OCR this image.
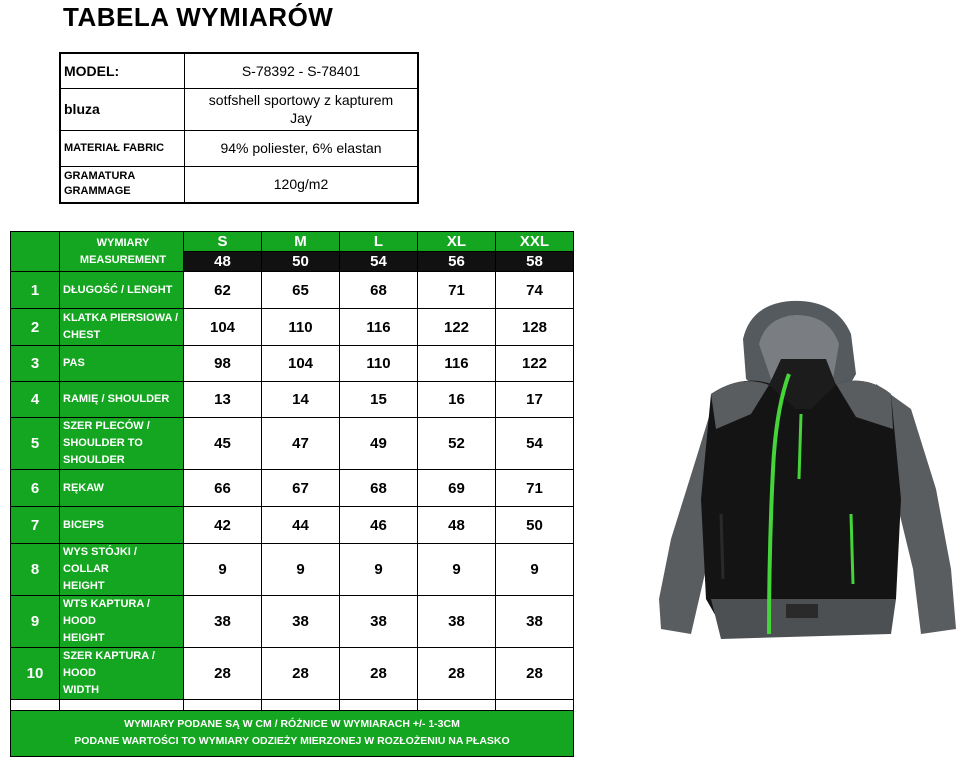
TABELA WYMIARÓW
MODEL:	S-78392 - S-78401
bluza	sotfshell sportowy z kapturem
Jay

MATERIAŁ FABRIC	94% poliester, 6% elastan

GRAMATURA
GRAMMAGE	120g/m2

	WYMIARY
MEASUREMENT	S	M	L	XL	XXL
		48	50	54	56	58
1	DŁUGOŚĆ / LENGHT	62	65	68	71	74
2	KLATKA PIERSIOWA /
CHEST	104	110	116	122	128
3	PAS	98	104	110	116	122
4	RAMIĘ / SHOULDER	13	14	15	16	17
5	SZER PLECÓW /
SHOULDER TO
SHOULDER	45	47	49	52	54
6	RĘKAW	66	67	68	69	71
7	BICEPS	42	44	46	48	50
8	WYS STÓJKI / COLLAR
HEIGHT	9	9	9	9	9
9	WTS KAPTURA / HOOD
HEIGHT	38	38	38	38	38
10	SZER KAPTURA / HOOD
WIDTH	28	28	28	28	28

WYMIARY PODANE SĄ W CM / RÓŻNICE W WYMIARACH +/- 1-3CM
PODANE WARTOŚCI TO WYMIARY ODZIEŻY MIERZONEJ W ROZŁOŻENIU NA PŁASKO
